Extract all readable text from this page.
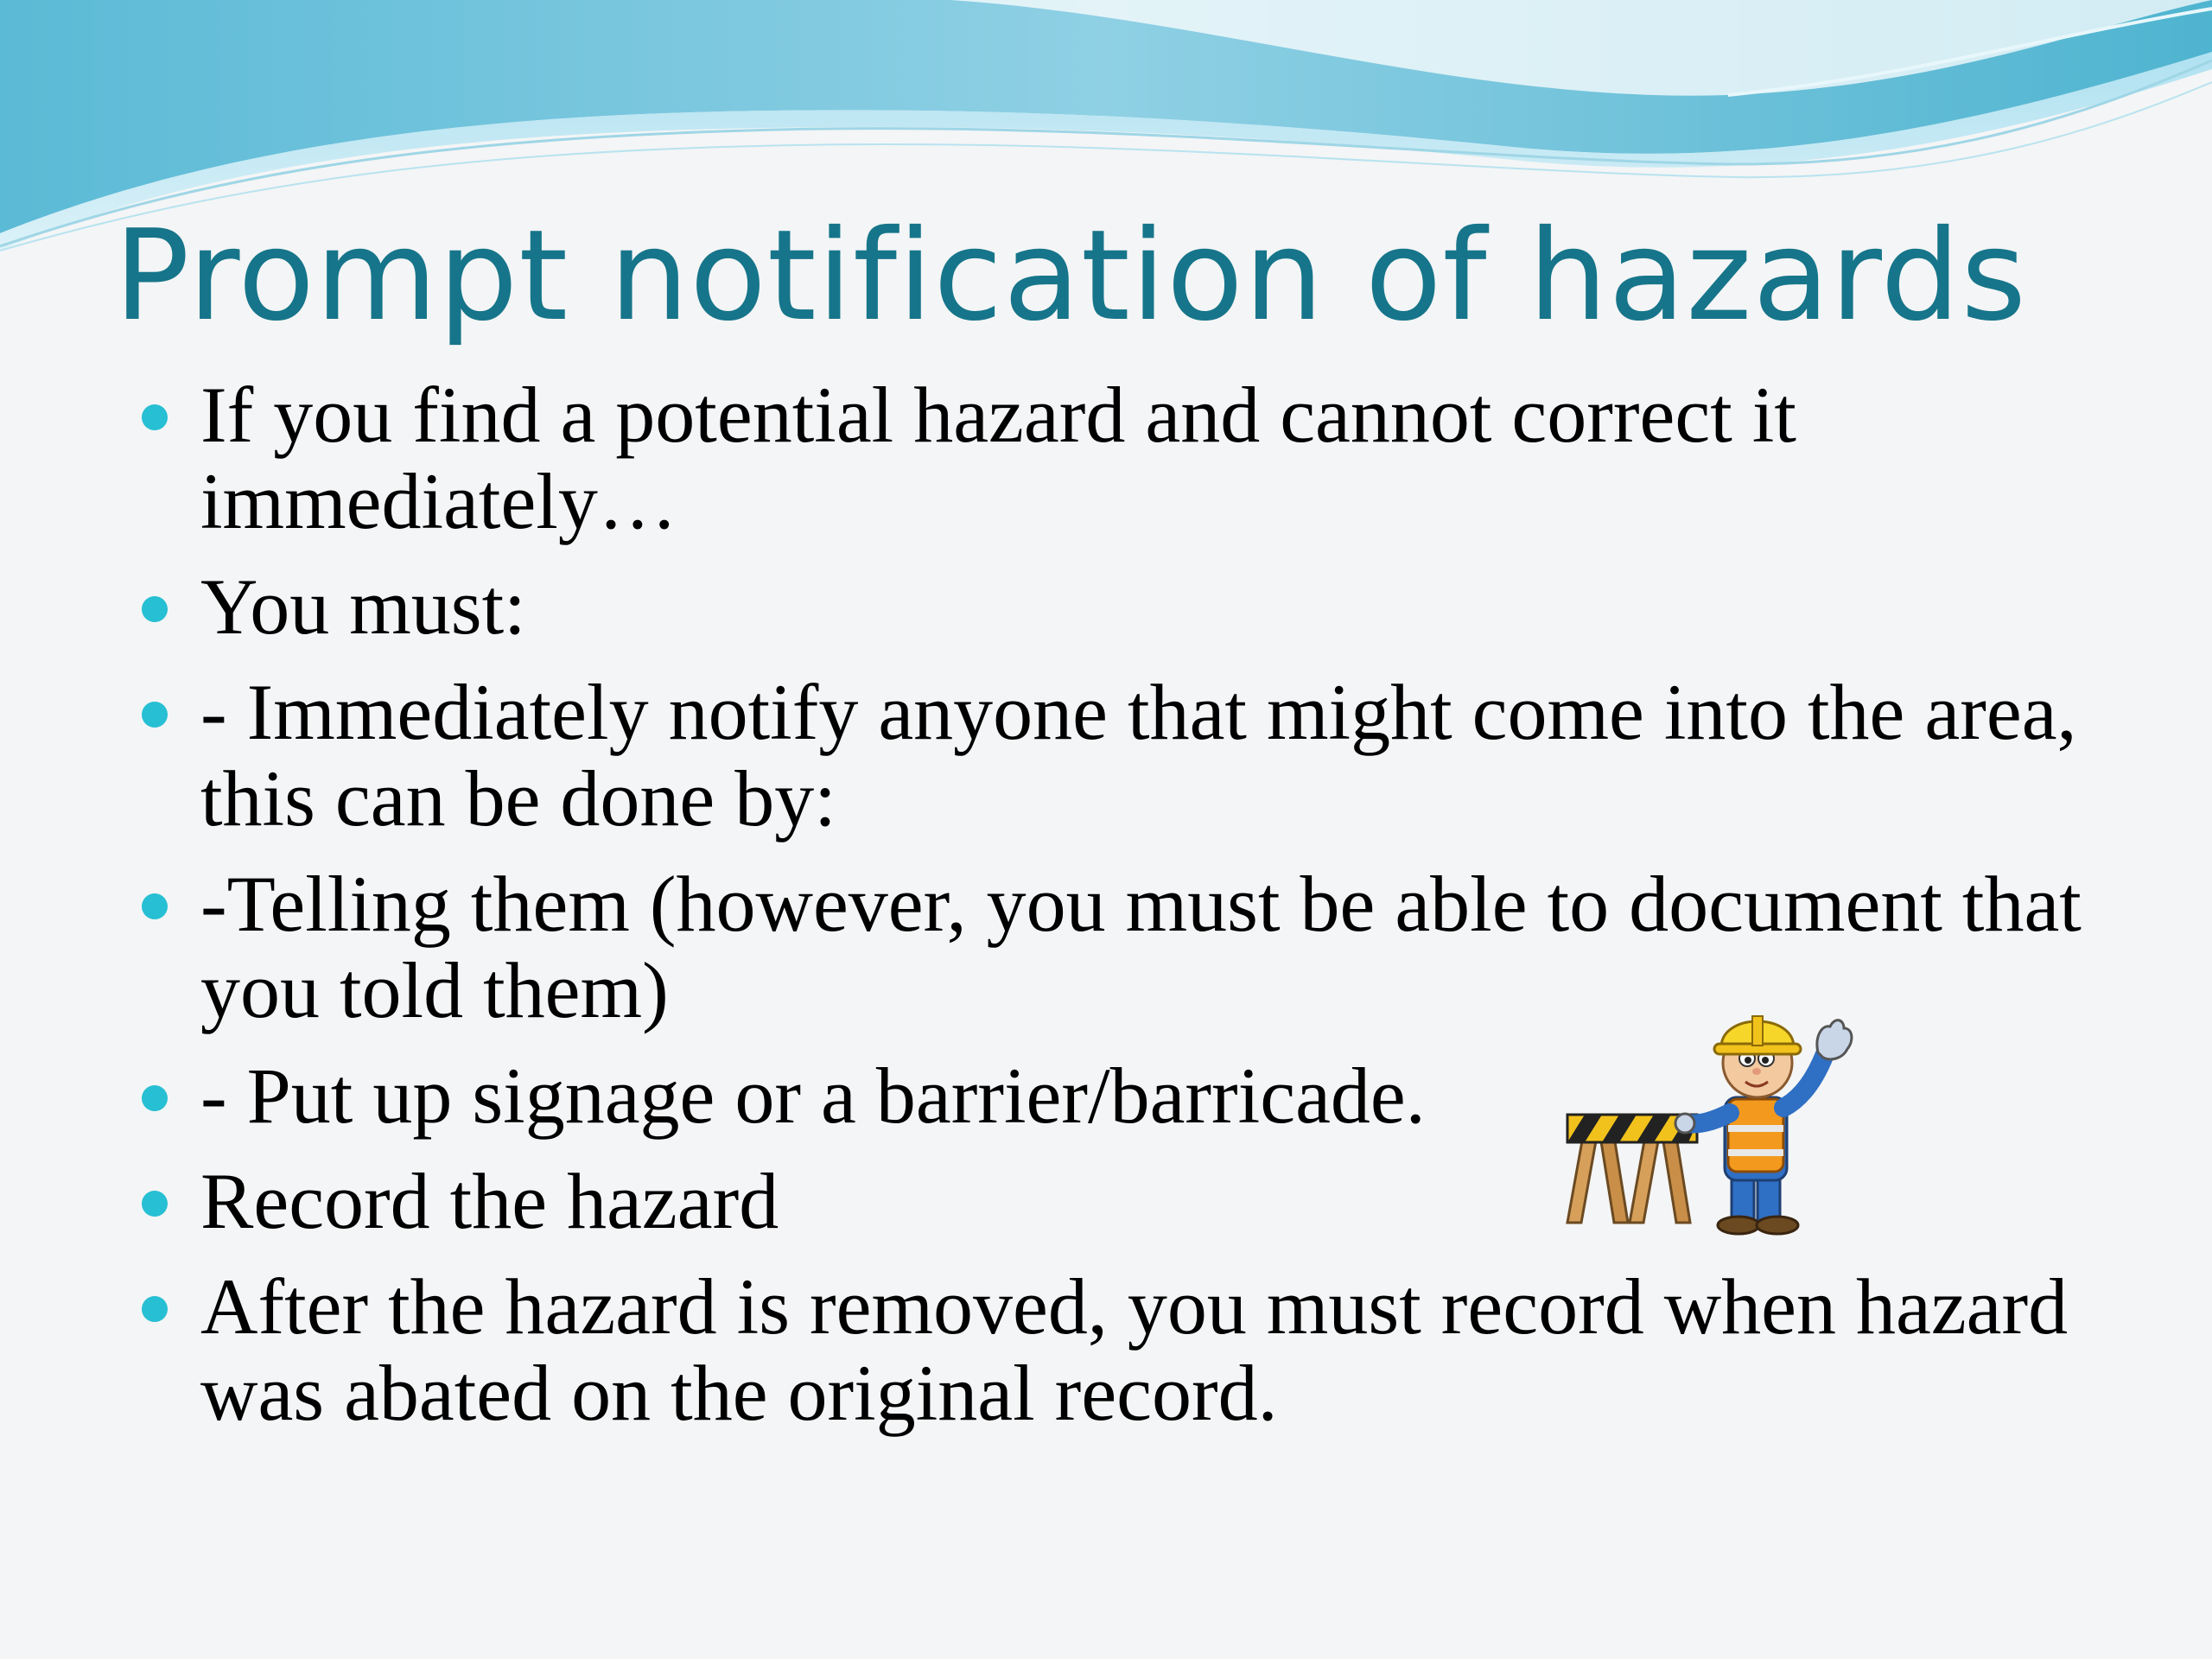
Prompt notification of hazards
If you find a potential hazard and cannot correct it immediately…
You must:
- Immediately notify anyone that might come into the area, this can be done by:
-Telling them (however, you must be able to document that you told them)
- Put up signage or a barrier/barricade.
Record the hazard
After the hazard is removed, you must record when hazard was abated on the original record.
